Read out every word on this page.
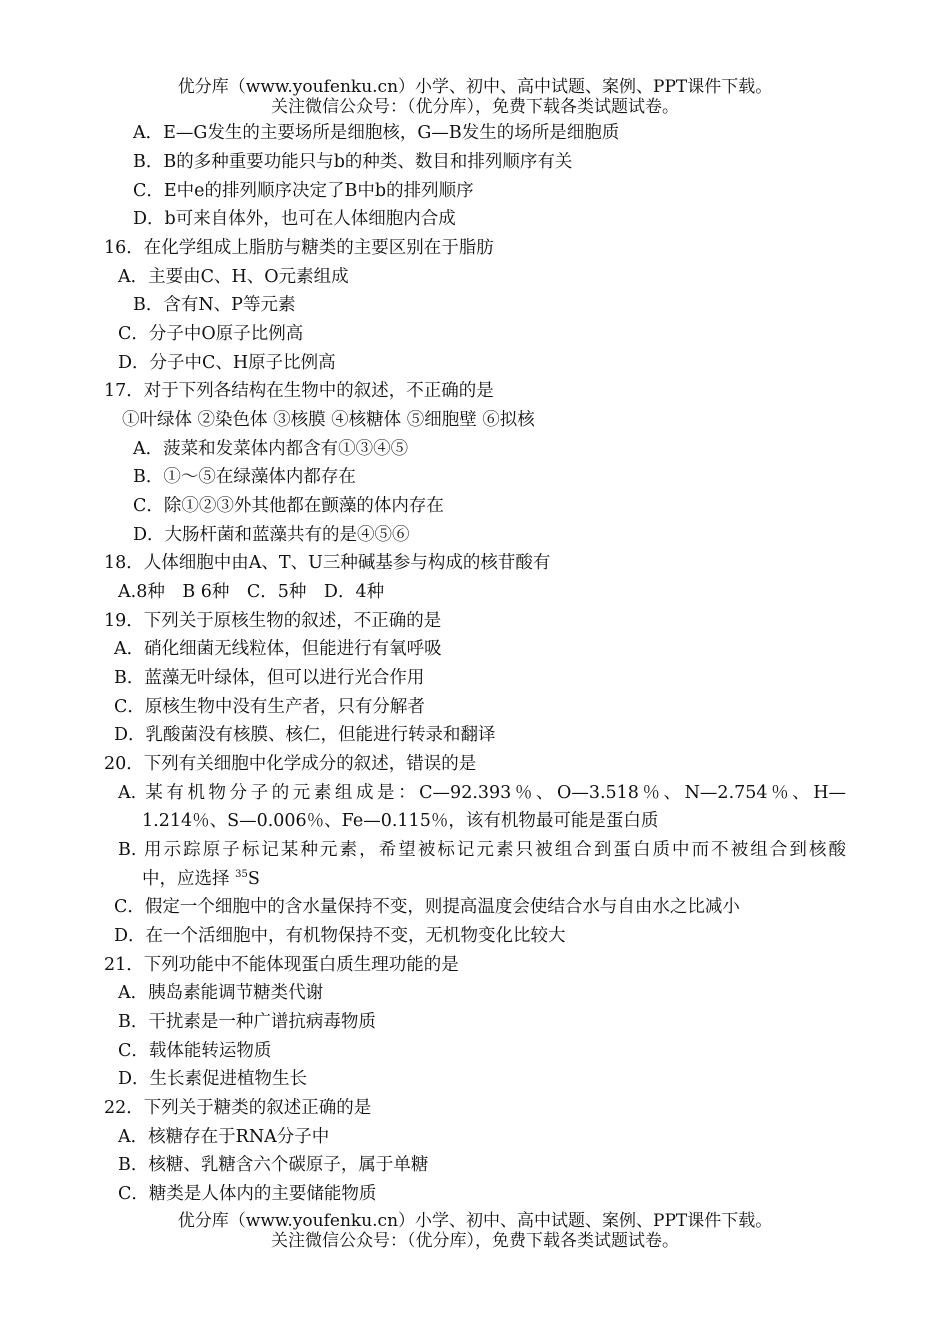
优分库（www.youfenku.cn）小学、初中、高中试题、案例、PPT课件下载。
关注微信公众号：（优分库），免费下载各类试题试卷。
A．E—G发生的主要场所是细胞核，G—B发生的场所是细胞质
B．B的多种重要功能只与b的种类、数目和排列顺序有关
C．E中e的排列顺序决定了B中b的排列顺序
D．b可来自体外，也可在人体细胞内合成
16．在化学组成上脂肪与糖类的主要区别在于脂肪
A．主要由C、H、O元素组成
B．含有N、P等元素
C．分子中O原子比例高
D．分子中C、H原子比例高
17．对于下列各结构在生物中的叙述，不正确的是
①叶绿体 ②染色体 ③核膜 ④核糖体 ⑤细胞壁 ⑥拟核
A．菠菜和发菜体内都含有①③④⑤
B．①～⑤在绿藻体内都存在
C．除①②③外其他都在颤藻的体内存在
D．大肠杆菌和蓝藻共有的是④⑤⑥
18．人体细胞中由A、T、U三种碱基参与构成的核苷酸有
A.8种　B 6种　C．5种　D．4种
19．下列关于原核生物的叙述，不正确的是
A．硝化细菌无线粒体，但能进行有氧呼吸
B．蓝藻无叶绿体，但可以进行光合作用
C．原核生物中没有生产者，只有分解者
D．乳酸菌没有核膜、核仁，但能进行转录和翻译
20．下列有关细胞中化学成分的叙述，错误的是
A. 某有机物分子的元素组成是：C—92.393％、O—3.518％、N—2.754％、H—
1.214％、S—0.006％、Fe—0.115％，该有机物最可能是蛋白质
B. 用示踪原子标记某种元素，希望被标记元素只被组合到蛋白质中而不被组合到核酸
中，应选择 $^{35}$S
C．假定一个细胞中的含水量保持不变，则提高温度会使结合水与自由水之比减小
D．在一个活细胞中，有机物保持不变，无机物变化比较大
21．下列功能中不能体现蛋白质生理功能的是
A．胰岛素能调节糖类代谢
B．干扰素是一种广谱抗病毒物质
C．载体能转运物质
D．生长素促进植物生长
22．下列关于糖类的叙述正确的是
A．核糖存在于RNA分子中
B．核糖、乳糖含六个碳原子，属于单糖
C．糖类是人体内的主要储能物质
优分库（www.youfenku.cn）小学、初中、高中试题、案例、PPT课件下载。
关注微信公众号：（优分库），免费下载各类试题试卷。
